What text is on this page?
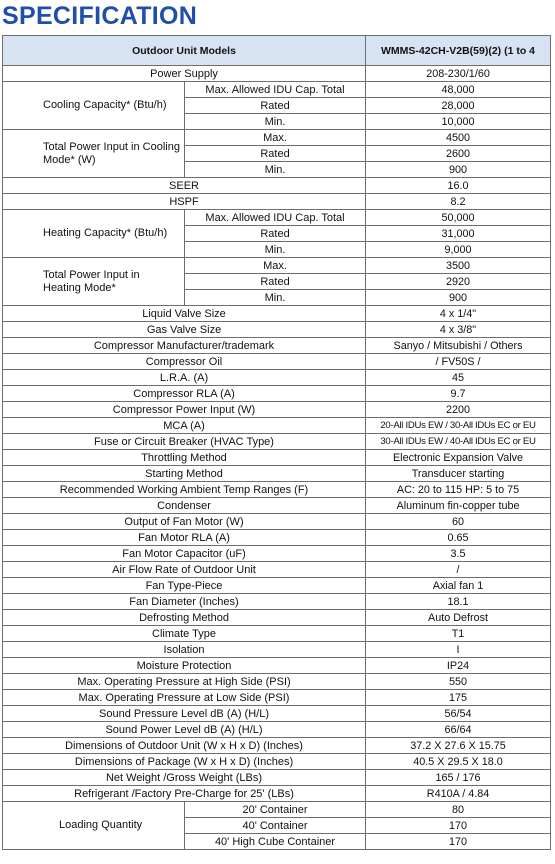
SPECIFICATION
Outdoor Unit Models		WMMS-42CH-V2B(59)(2) (1 to 4
Power Supply		208-230/1/60
Cooling Capacity* (Btu/h)	Max. Allowed IDU Cap. Total	48,000
	Rated	28,000
	Min.	10,000
Total Power Input in Cooling Mode* (W)	Max.	4500
	Rated	2600
	Min.	900
SEER		16.0
HSPF		8.2
Heating Capacity* (Btu/h)	Max. Allowed IDU Cap. Total	50,000
	Rated	31,000
	Min.	9,000
Total Power Input in Heating Mode*	Max.	3500
	Rated	2920
	Min.	900
Liquid Valve Size		4 x 1/4"
Gas Valve Size		4 x 3/8"
Compressor Manufacturer/trademark		Sanyo / Mitsubishi / Others
Compressor Oil		/ FV50S /
L.R.A. (A)		45
Compressor RLA (A)		9.7
Compressor Power Input (W)		2200
MCA (A)		20-All IDUs EW / 30-All IDUs EC or EU
Fuse or Circuit Breaker (HVAC Type)		30-All IDUs EW / 40-All IDUs EC or EU
Throttling Method		Electronic Expansion Valve
Starting Method		Transducer starting
Recommended Working Ambient Temp Ranges (F)		AC: 20 to 115 HP: 5 to 75
Condenser		Aluminum fin-copper tube
Output of Fan Motor (W)		60
Fan Motor RLA (A)		0.65
Fan Motor Capacitor (uF)		3.5
Air Flow Rate of Outdoor Unit		/
Fan Type-Piece		Axial fan 1
Fan Diameter (Inches)		18.1
Defrosting Method		Auto Defrost
Climate Type		T1
Isolation		I
Moisture Protection		IP24
Max. Operating Pressure at High Side (PSI)		550
Max. Operating Pressure at Low Side (PSI)		175
Sound Pressure Level dB (A) (H/L)		56/54
Sound Power Level dB (A) (H/L)		66/64
Dimensions of Outdoor Unit (W x H x D) (Inches)		37.2 X 27.6 X 15.75
Dimensions of Package (W x H x D) (Inches)		40.5 X 29.5 X 18.0
Net Weight /Gross Weight (LBs)		165 / 176
Refrigerant /Factory Pre-Charge for 25' (LBs)		R410A / 4.84
Loading Quantity	20' Container	80
	40' Container	170
	40' High Cube Container	170
